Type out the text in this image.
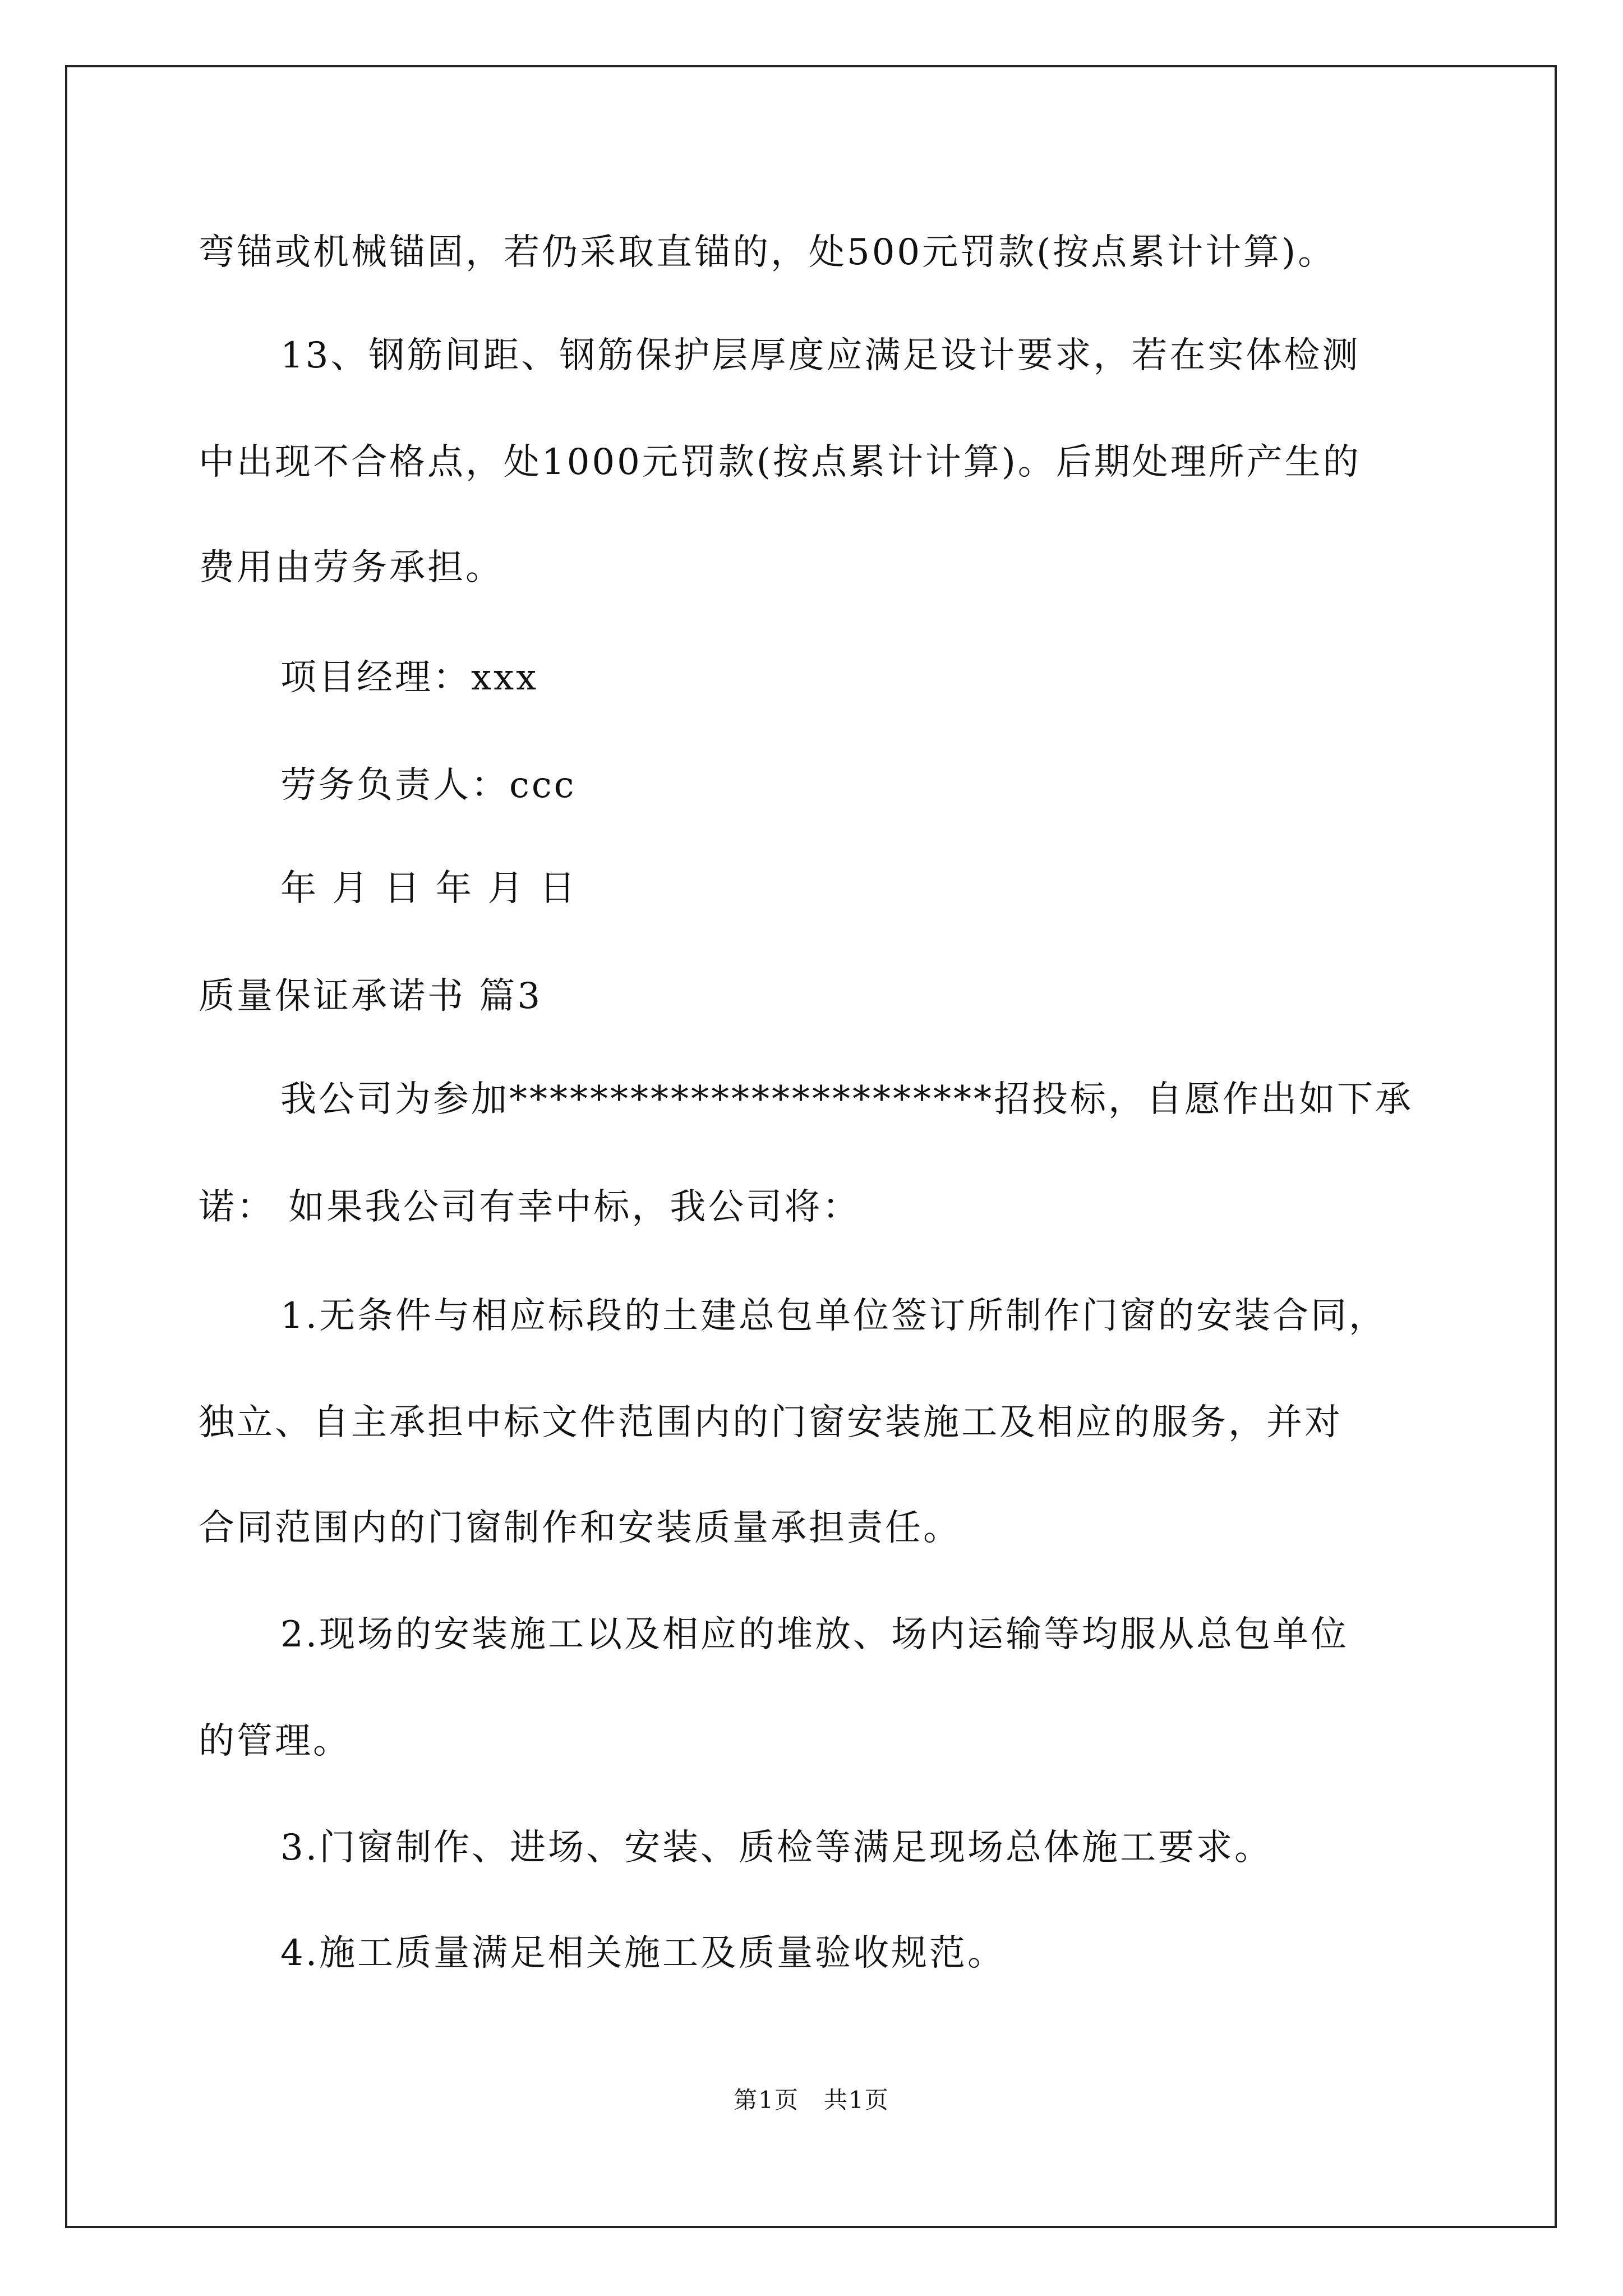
弯锚或机械锚固，若仍采取直锚的，处500元罚款(按点累计计算)。
13、钢筋间距、钢筋保护层厚度应满足设计要求，若在实体检测
中出现不合格点，处1000元罚款(按点累计计算)。后期处理所产生的
费用由劳务承担。
项目经理：xxx
劳务负责人：ccc
年 月 日 年 月 日
质量保证承诺书 篇3
我公司为参加************************招投标，自愿作出如下承
诺： 如果我公司有幸中标，我公司将：
1.无条件与相应标段的土建总包单位签订所制作门窗的安装合同，
独立、自主承担中标文件范围内的门窗安装施工及相应的服务，并对
合同范围内的门窗制作和安装质量承担责任。
2.现场的安装施工以及相应的堆放、场内运输等均服从总包单位
的管理。
3.门窗制作、进场、安装、质检等满足现场总体施工要求。
4.施工质量满足相关施工及质量验收规范。
第1页　共1页
